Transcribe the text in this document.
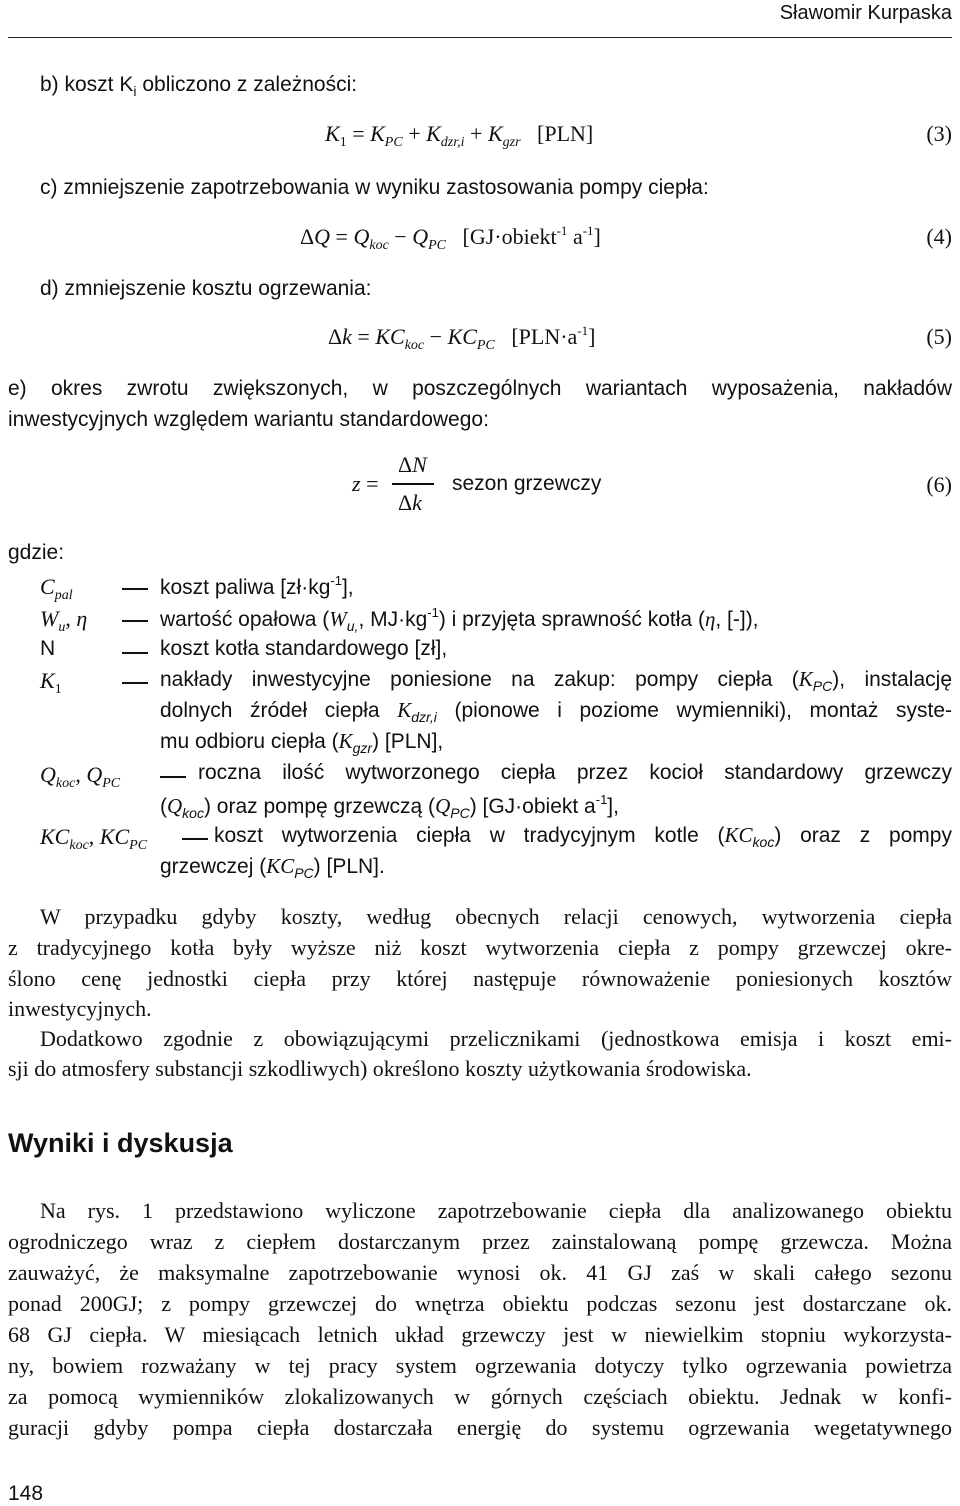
Sławomir Kurpaska
b) koszt $K_i$ obliczono z zależności:
$K_1 = K_{PC} + K_{dzr,i} + K_{gzr}$ [PLN]	(3)
c) zmniejszenie zapotrzebowania w wyniku zastosowania pompy ciepła:
$\Delta Q = Q_{koc} - Q_{PC}$ [GJ·obiekt$^{-1}$ $a^{-1}$]	(4)
d) zmniejszenie kosztu ogrzewania:
$\Delta k = KC_{koc} - KC_{PC}$ $[PLN\cdot a^{-1}]$	(5)
e) okres zwrotu zwiększonych, w poszczególnych wariantach wyposażenia, nakładów
inwestycyjnych względem wariantu standardowego:
z =
ΔN
Δk
sezon grzewczy	(6)
gdzie:
$C_{pal}$	koszt paliwa $[zł\cdot kg^{-1}]$,
$W_u$, η	wartość opałowa ($W_{u,}$, $MJ\cdot kg^{-1}$) i przyjęta sprawność kotła (η, [-]),
N	koszt kotła standardowego [zł],
$K_1$	nakłady inwestycyjne poniesione na zakup: pompy ciepła $(K_{PC})$, instalację
dolnych źródeł ciepła $K_{dzr,i}$ (pionowe i poziome wymienniki), montaż syste-
mu odbioru ciepła $(K_{gzr})$ [PLN],
$Q_{koc}$, $Q_{PC}$	roczna ilość wytworzonego ciepła przez kocioł standardowy grzewczy
$(Q_{koc})$ oraz pompę grzewczą $(Q_{PC})$ [GJ·obiekt $a^{-1}$],
$KC_{koc}$, $KC_{PC}$	koszt wytworzenia ciepła w tradycyjnym kotle $(KC_{koc})$ oraz z pompy
grzewczej $(KC_{PC})$ [PLN].
W przypadku gdyby koszty, według obecnych relacji cenowych, wytworzenia ciepła
z tradycyjnego kotła były wyższe niż koszt wytworzenia ciepła z pompy grzewczej okre-
ślono cenę jednostki ciepła przy której następuje równoważenie poniesionych kosztów
inwestycyjnych.
Dodatkowo zgodnie z obowiązującymi przelicznikami (jednostkowa emisja i koszt emi-
sji do atmosfery substancji szkodliwych) określono koszty użytkowania środowiska.
Wyniki i dyskusja
Na rys. 1 przedstawiono wyliczone zapotrzebowanie ciepła dla analizowanego obiektu
ogrodniczego wraz z ciepłem dostarczanym przez zainstalowaną pompę grzewcza. Można
zauważyć, że maksymalne zapotrzebowanie wynosi ok. 41 GJ zaś w skali całego sezonu
ponad 200GJ; z pompy grzewczej do wnętrza obiektu podczas sezonu jest dostarczane ok.
68 GJ ciepła. W miesiącach letnich układ grzewczy jest w niewielkim stopniu wykorzysta-
ny, bowiem rozważany w tej pracy system ogrzewania dotyczy tylko ogrzewania powietrza
za pomocą wymienników zlokalizowanych w górnych częściach obiektu. Jednak w konfi-
guracji gdyby pompa ciepła dostarczała energię do systemu ogrzewania wegetatywnego
148
